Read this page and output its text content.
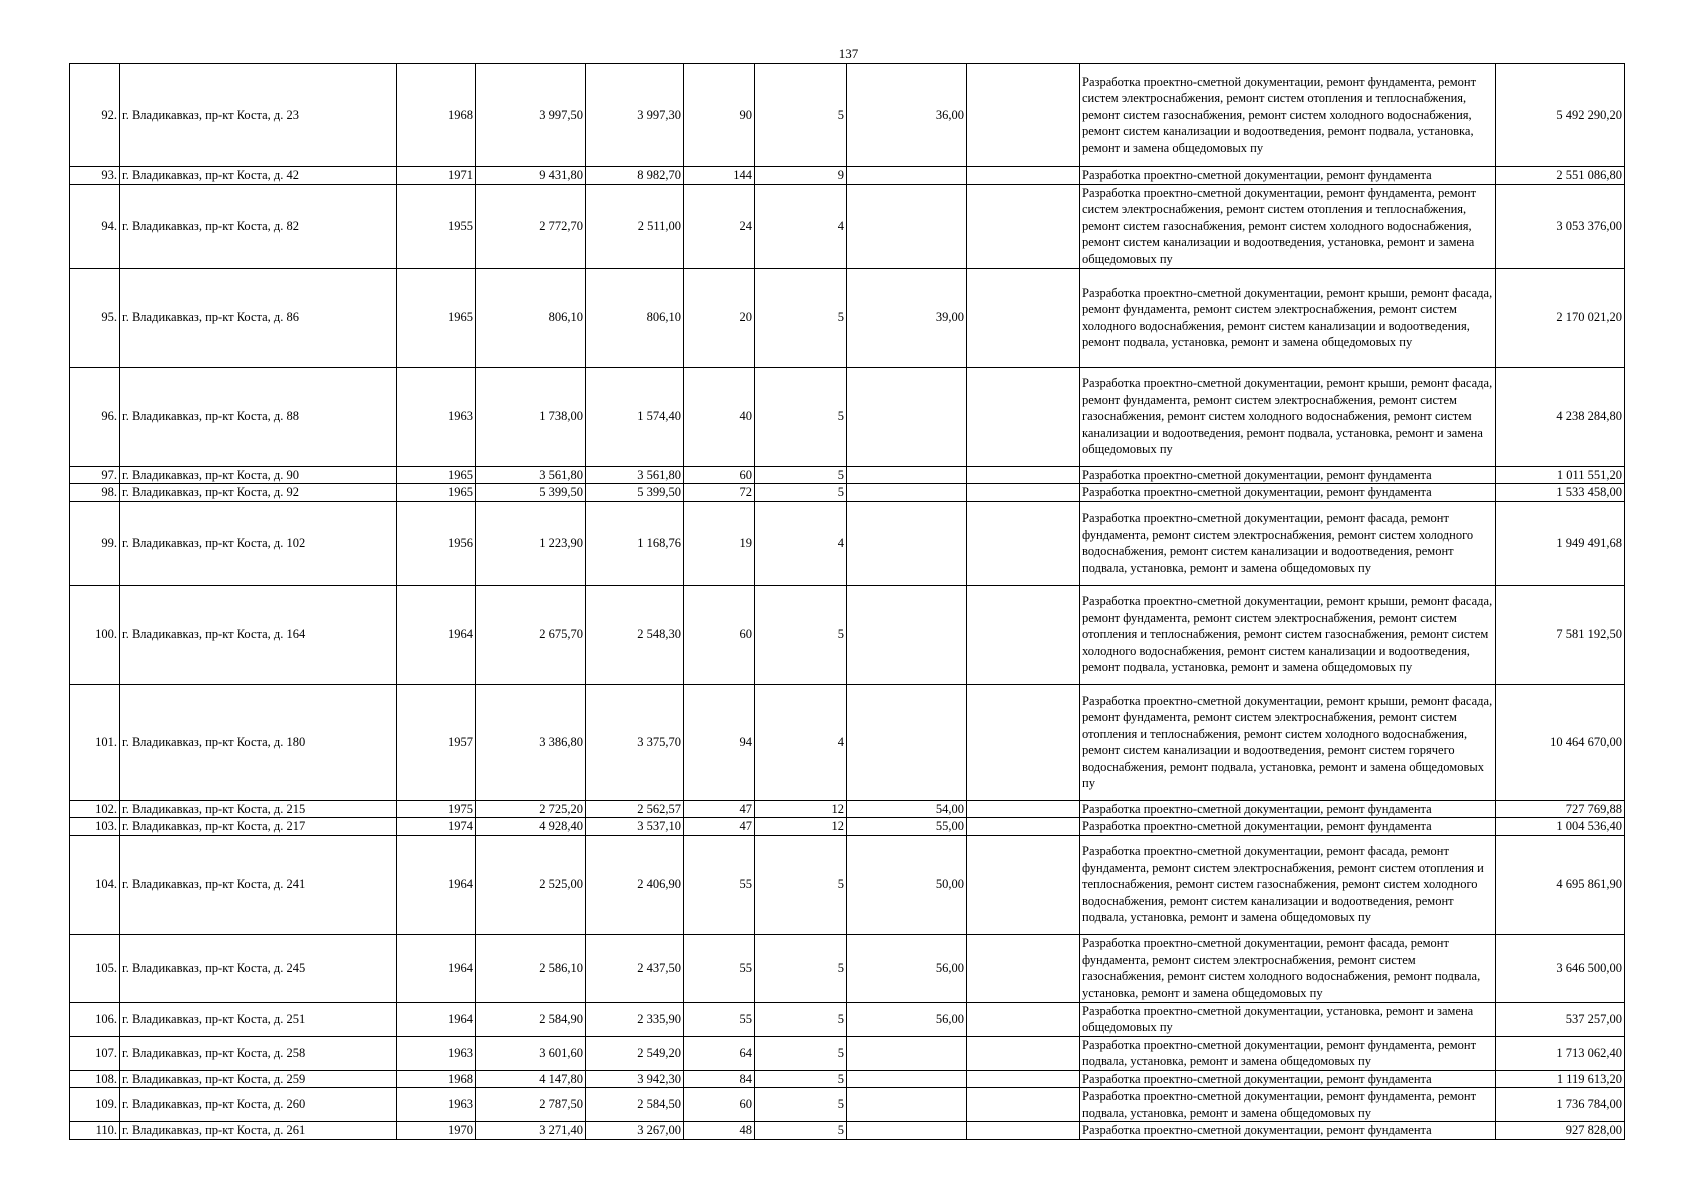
137
92.	г. Владикавказ, пр-кт Коста, д. 23	1968	3 997,50	3 997,30	90	5	36,00		Разработка проектно-сметной документации, ремонт фундамента, ремонт систем электроснабжения, ремонт систем отопления и теплоснабжения, ремонт систем газоснабжения, ремонт систем холодного водоснабжения, ремонт систем канализации и водоотведения, ремонт подвала, установка, ремонт и замена общедомовых пу	5 492 290,20
93.	г. Владикавказ, пр-кт Коста, д. 42	1971	9 431,80	8 982,70	144	9			Разработка проектно-сметной документации, ремонт фундамента	2 551 086,80
94.	г. Владикавказ, пр-кт Коста, д. 82	1955	2 772,70	2 511,00	24	4			Разработка проектно-сметной документации, ремонт фундамента, ремонт систем электроснабжения, ремонт систем отопления и теплоснабжения, ремонт систем газоснабжения, ремонт систем холодного водоснабжения, ремонт систем канализации и водоотведения, установка, ремонт и замена общедомовых пу	3 053 376,00
95.	г. Владикавказ, пр-кт Коста, д. 86	1965	806,10	806,10	20	5	39,00		Разработка проектно-сметной документации, ремонт крыши, ремонт фасада, ремонт фундамента, ремонт систем электроснабжения, ремонт систем холодного водоснабжения, ремонт систем канализации и водоотведения, ремонт подвала, установка, ремонт и замена общедомовых пу	2 170 021,20
96.	г. Владикавказ, пр-кт Коста, д. 88	1963	1 738,00	1 574,40	40	5			Разработка проектно-сметной документации, ремонт крыши, ремонт фасада, ремонт фундамента, ремонт систем электроснабжения, ремонт систем газоснабжения, ремонт систем холодного водоснабжения, ремонт систем канализации и водоотведения, ремонт подвала, установка, ремонт и замена общедомовых пу	4 238 284,80
97.	г. Владикавказ, пр-кт Коста, д. 90	1965	3 561,80	3 561,80	60	5			Разработка проектно-сметной документации, ремонт фундамента	1 011 551,20
98.	г. Владикавказ, пр-кт Коста, д. 92	1965	5 399,50	5 399,50	72	5			Разработка проектно-сметной документации, ремонт фундамента	1 533 458,00
99.	г. Владикавказ, пр-кт Коста, д. 102	1956	1 223,90	1 168,76	19	4			Разработка проектно-сметной документации, ремонт фасада, ремонт фундамента, ремонт систем электроснабжения, ремонт систем холодного водоснабжения, ремонт систем канализации и водоотведения, ремонт подвала, установка, ремонт и замена общедомовых пу	1 949 491,68
100.	г. Владикавказ, пр-кт Коста, д. 164	1964	2 675,70	2 548,30	60	5			Разработка проектно-сметной документации, ремонт крыши, ремонт фасада, ремонт фундамента, ремонт систем электроснабжения, ремонт систем отопления и теплоснабжения, ремонт систем газоснабжения, ремонт систем холодного водоснабжения, ремонт систем канализации и водоотведения, ремонт подвала, установка, ремонт и замена общедомовых пу	7 581 192,50
101.	г. Владикавказ, пр-кт Коста, д. 180	1957	3 386,80	3 375,70	94	4			Разработка проектно-сметной документации, ремонт крыши, ремонт фасада, ремонт фундамента, ремонт систем электроснабжения, ремонт систем отопления и теплоснабжения, ремонт систем холодного водоснабжения, ремонт систем канализации и водоотведения, ремонт систем горячего водоснабжения, ремонт подвала, установка, ремонт и замена общедомовых пу	10 464 670,00
102.	г. Владикавказ, пр-кт Коста, д. 215	1975	2 725,20	2 562,57	47	12	54,00		Разработка проектно-сметной документации, ремонт фундамента	727 769,88
103.	г. Владикавказ, пр-кт Коста, д. 217	1974	4 928,40	3 537,10	47	12	55,00		Разработка проектно-сметной документации, ремонт фундамента	1 004 536,40
104.	г. Владикавказ, пр-кт Коста, д. 241	1964	2 525,00	2 406,90	55	5	50,00		Разработка проектно-сметной документации, ремонт фасада, ремонт фундамента, ремонт систем электроснабжения, ремонт систем отопления и теплоснабжения, ремонт систем газоснабжения, ремонт систем холодного водоснабжения, ремонт систем канализации и водоотведения, ремонт подвала, установка, ремонт и замена общедомовых пу	4 695 861,90
105.	г. Владикавказ, пр-кт Коста, д. 245	1964	2 586,10	2 437,50	55	5	56,00		Разработка проектно-сметной документации, ремонт фасада, ремонт фундамента, ремонт систем электроснабжения, ремонт систем газоснабжения, ремонт систем холодного водоснабжения, ремонт подвала, установка, ремонт и замена общедомовых пу	3 646 500,00
106.	г. Владикавказ, пр-кт Коста, д. 251	1964	2 584,90	2 335,90	55	5	56,00		Разработка проектно-сметной документации, установка, ремонт и замена общедомовых пу	537 257,00
107.	г. Владикавказ, пр-кт Коста, д. 258	1963	3 601,60	2 549,20	64	5			Разработка проектно-сметной документации, ремонт фундамента, ремонт подвала, установка, ремонт и замена общедомовых пу	1 713 062,40
108.	г. Владикавказ, пр-кт Коста, д. 259	1968	4 147,80	3 942,30	84	5			Разработка проектно-сметной документации, ремонт фундамента	1 119 613,20
109.	г. Владикавказ, пр-кт Коста, д. 260	1963	2 787,50	2 584,50	60	5			Разработка проектно-сметной документации, ремонт фундамента, ремонт подвала, установка, ремонт и замена общедомовых пу	1 736 784,00
110.	г. Владикавказ, пр-кт Коста, д. 261	1970	3 271,40	3 267,00	48	5			Разработка проектно-сметной документации, ремонт фундамента	927 828,00
